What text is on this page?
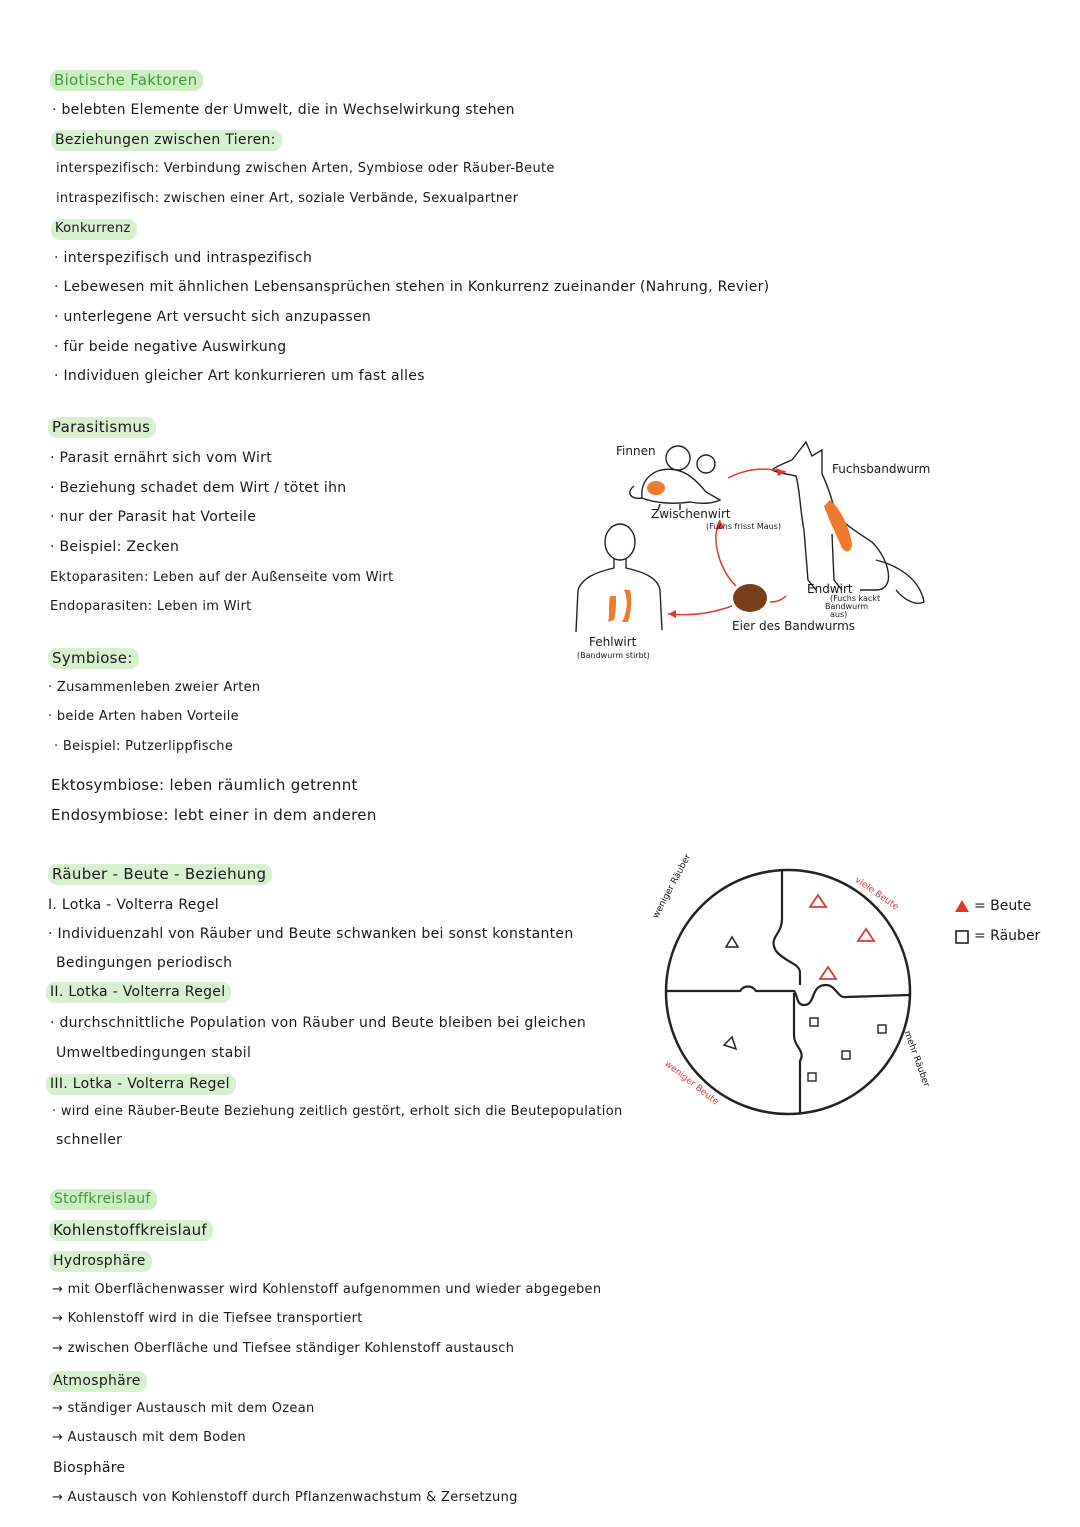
Biotische Faktoren
· belebten Elemente der Umwelt, die in Wechselwirkung stehen
Beziehungen zwischen Tieren:
interspezifisch: Verbindung zwischen Arten, Symbiose oder Räuber-Beute
intraspezifisch: zwischen einer Art, soziale Verbände, Sexualpartner
Konkurrenz
· interspezifisch und intraspezifisch
· Lebewesen mit ähnlichen Lebensansprüchen stehen in Konkurrenz zueinander (Nahrung, Revier)
· unterlegene Art versucht sich anzupassen
· für beide negative Auswirkung
· Individuen gleicher Art konkurrieren um fast alles
Parasitismus
· Parasit ernährt sich vom Wirt
· Beziehung schadet dem Wirt / tötet ihn
· nur der Parasit hat Vorteile
· Beispiel: Zecken
Ektoparasiten: Leben auf der Außenseite vom Wirt
Endoparasiten: Leben im Wirt
Finnen
Zwischenwirt
(Fuchs frisst Maus)
Fuchsbandwurm
Endwirt
(Fuchs kackt
Bandwurm
aus)
Eier des Bandwurms
Fehlwirt
(Bandwurm stirbt)
Symbiose:
· Zusammenleben zweier Arten
· beide Arten haben Vorteile
· Beispiel: Putzerlippfische
Ektosymbiose: leben räumlich getrennt
Endosymbiose: lebt einer in dem anderen
Räuber - Beute - Beziehung
I. Lotka - Volterra Regel
· Individuenzahl von Räuber und Beute schwanken bei sonst konstanten
Bedingungen periodisch
II. Lotka - Volterra Regel
· durchschnittliche Population von Räuber und Beute bleiben bei gleichen
Umweltbedingungen stabil
III. Lotka - Volterra Regel
· wird eine Räuber-Beute Beziehung zeitlich gestört, erholt sich die Beutepopulation
schneller
weniger Räuber	viele Beute
mehr Räuber
weniger Beute
= Beute
= Räuber
Stoffkreislauf
Kohlenstoffkreislauf
Hydrosphäre
→ mit Oberflächenwasser wird Kohlenstoff aufgenommen und wieder abgegeben
→ Kohlenstoff wird in die Tiefsee transportiert
→ zwischen Oberfläche und Tiefsee ständiger Kohlenstoff austausch
Atmosphäre
→ ständiger Austausch mit dem Ozean
→ Austausch mit dem Boden
Biosphäre
→ Austausch von Kohlenstoff durch Pflanzenwachstum & Zersetzung
